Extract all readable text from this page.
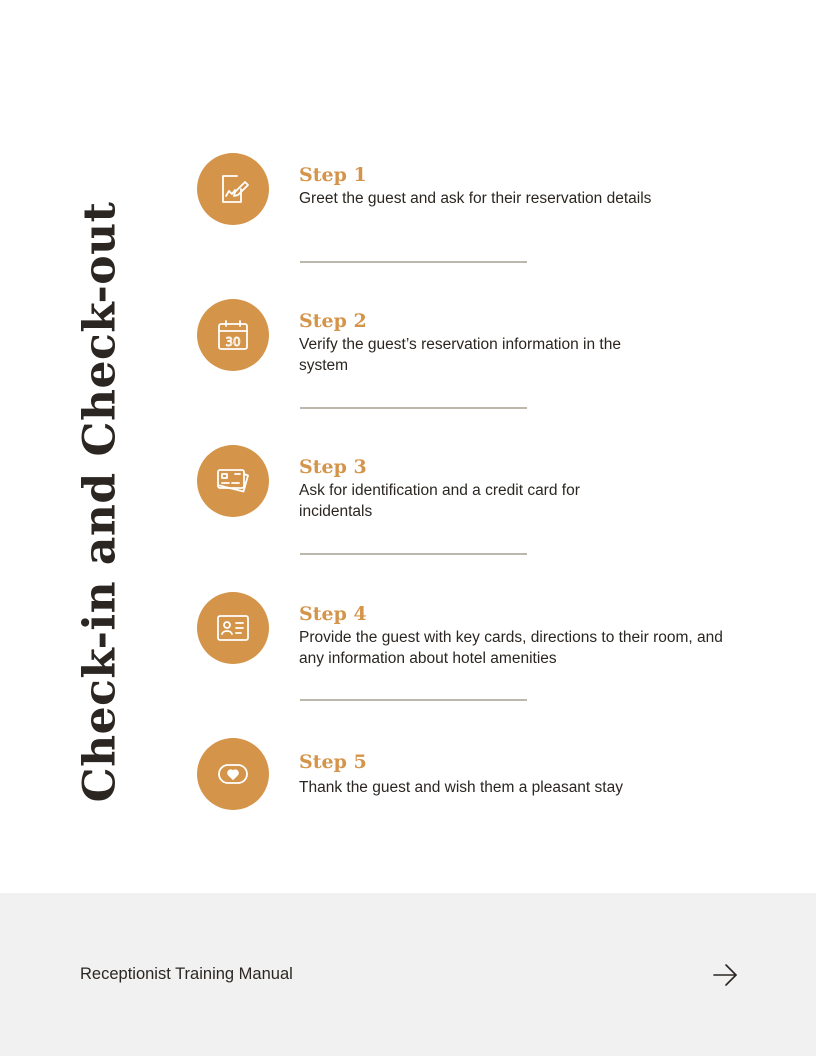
Check-in and Check-out
Step 1
Greet the guest and ask for their reservation details
30
Step 2
Verify the guest’s reservation information in the system
Step 3
Ask for identification and a credit card for incidentals
Step 4
Provide the guest with key cards, directions to their room, and any information about hotel amenities
Step 5
Thank the guest and wish them a pleasant stay
Receptionist Training Manual
